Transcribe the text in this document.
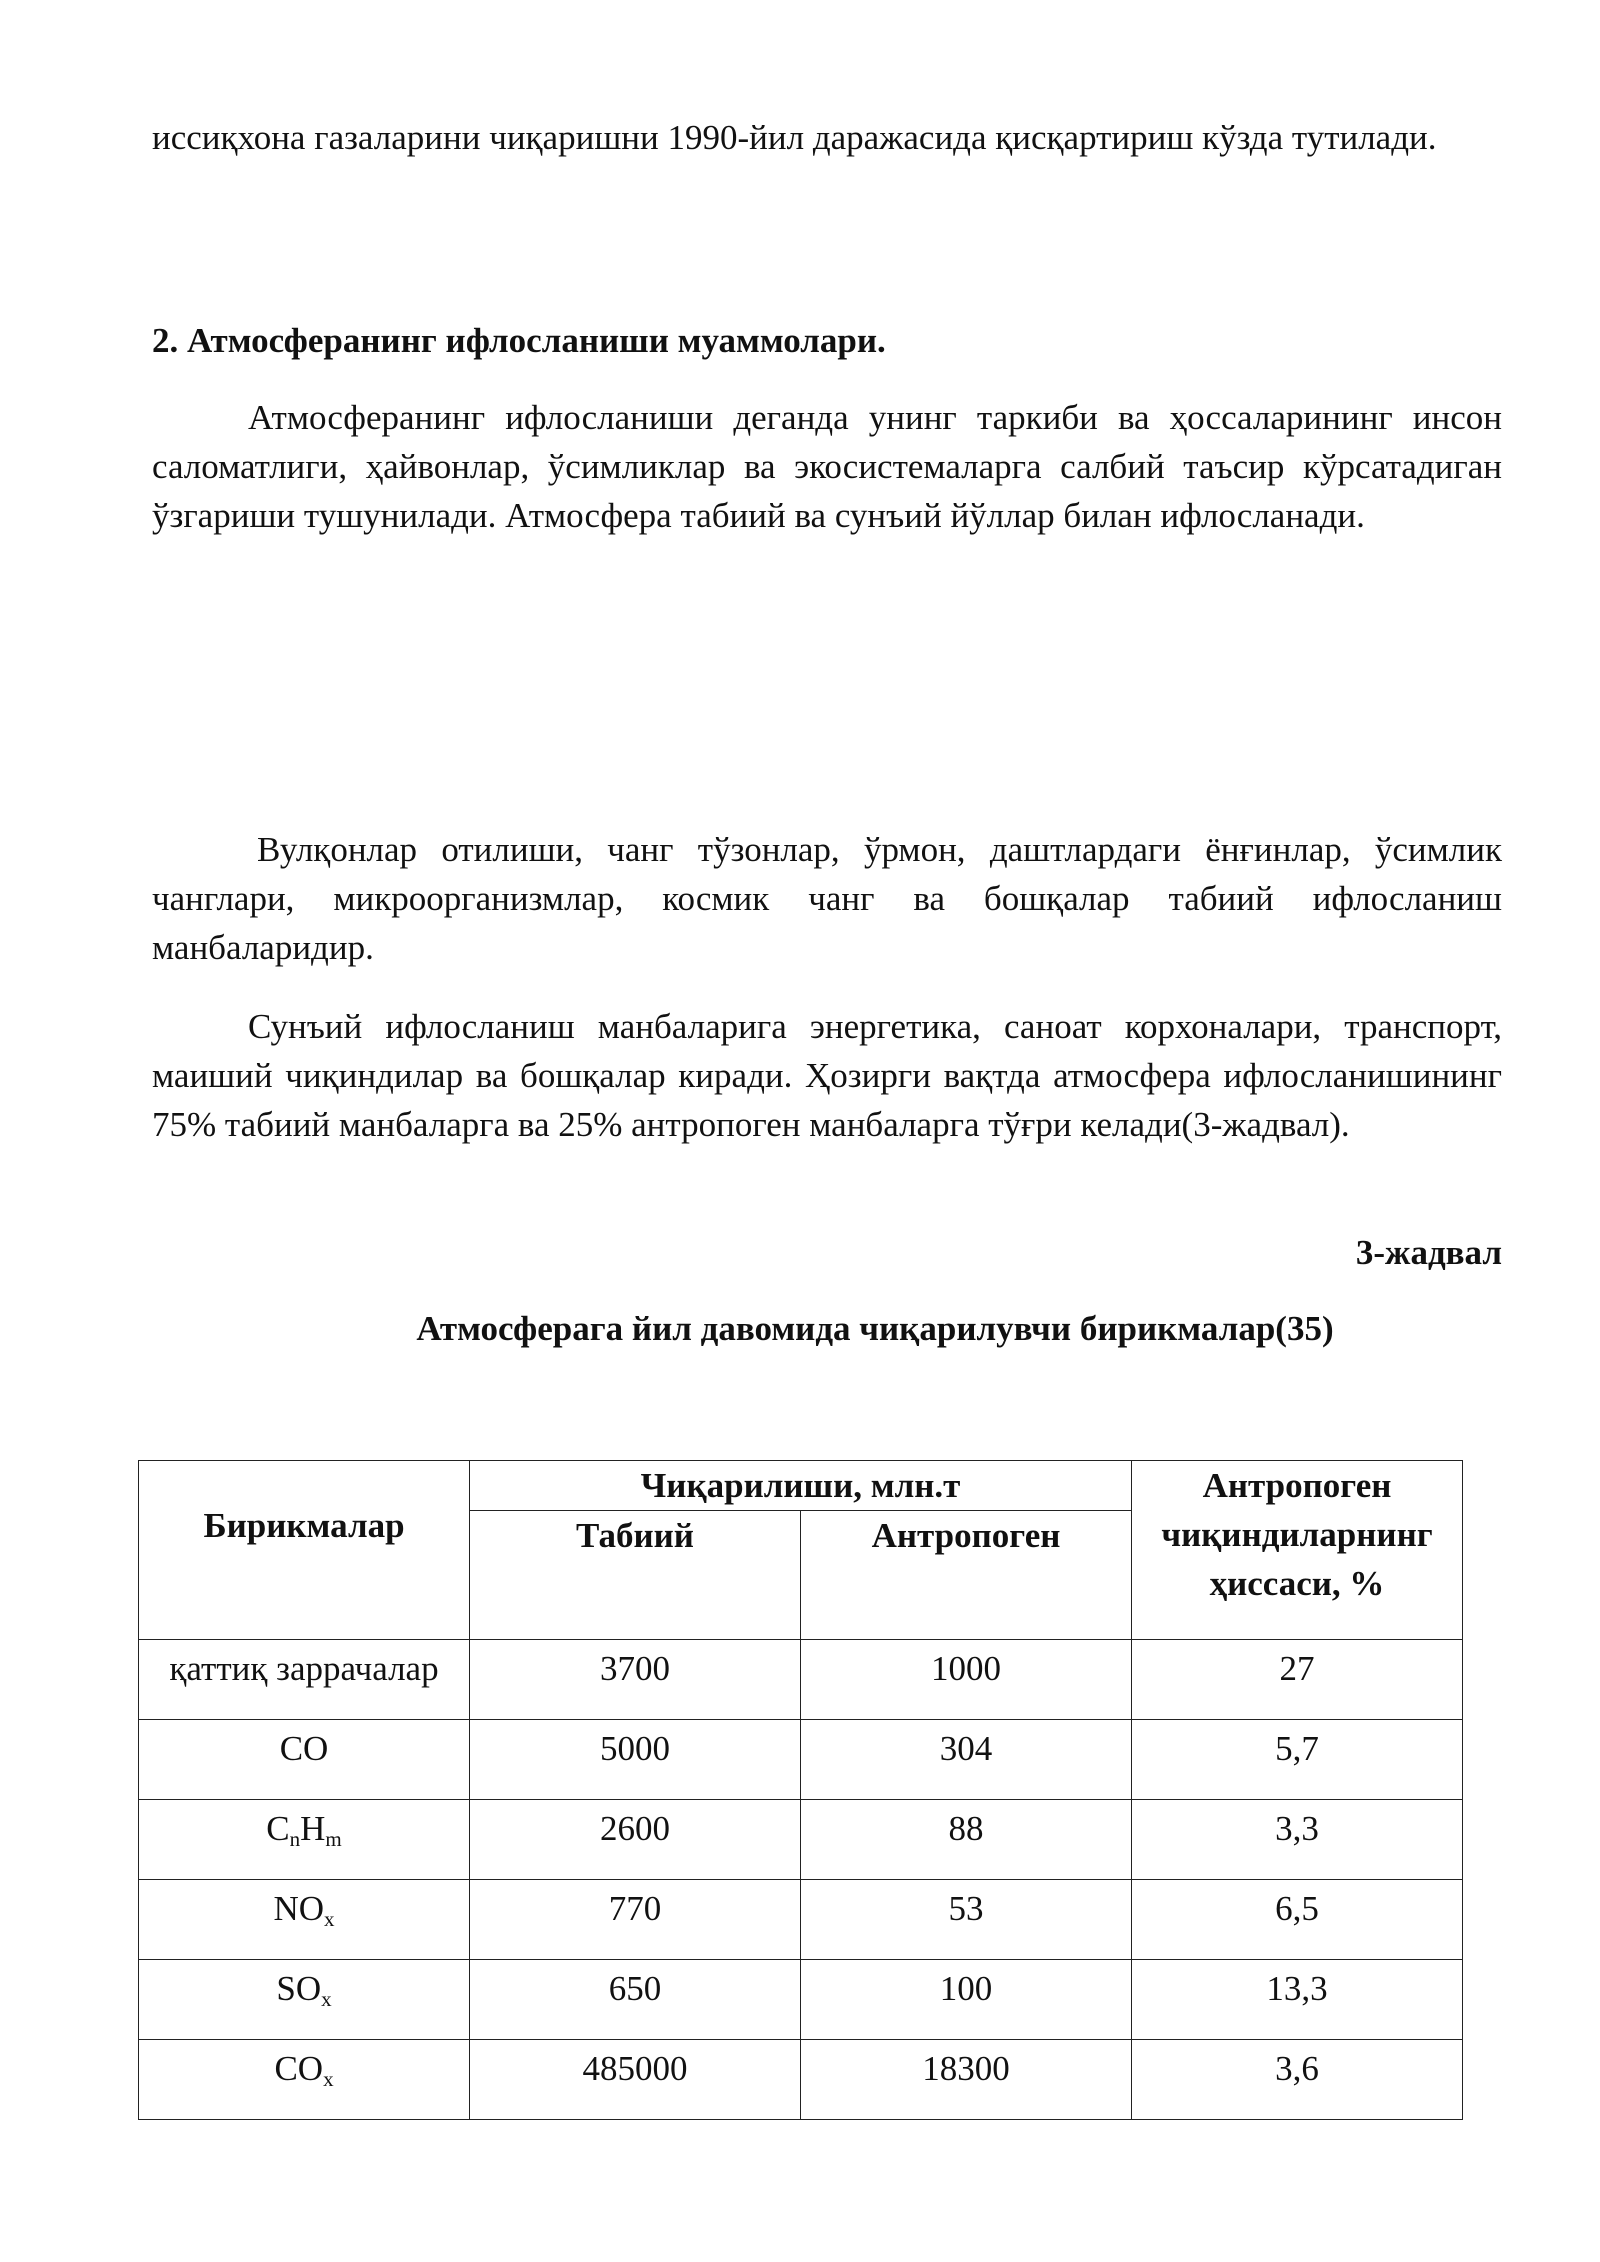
иссиқхона газаларини чиқаришни 1990-йил даражасида қисқартириш кўзда тутилади.

2. Атмосферанинг ифлосланиши муаммолари.

Атмосферанинг ифлосланиши деганда унинг таркиби ва ҳоссаларининг инсон саломатлиги, ҳайвонлар, ўсимликлар ва экосистемаларга салбий таъсир кўрсатадиган ўзгариши тушунилади. Атмосфера табиий ва сунъий йўллар билан ифлосланади.

Вулқонлар отилиши, чанг тўзонлар, ўрмон, даштлардаги ёнғинлар, ўсимлик чанглари, микроорганизмлар, космик чанг ва бошқалар табиий ифлосланиш манбаларидир.

Сунъий ифлосланиш манбаларига энергетика, саноат корхоналари, транспорт, маиший чиқиндилар ва бошқалар киради. Ҳозирги вақтда атмосфера ифлосланишининг 75% табиий манбаларга ва 25% антропоген манбаларга тўғри келади(3-жадвал).

3-жадвал
Атмосферага йил давомида чиқарилувчи бирикмалар(35)
Бирикмалар	Чиқарилиши, млн.т		Антропоген чиқиндиларнинг ҳиссаси, %
	Табиий	Антропоген	
қаттиқ заррачалар	3700	1000	27
CO	5000	304	5,7
$C_nH_m$	2600	88	3,3
$NO_x$	770	53	6,5
$SO_x$	650	100	13,3
$CO_x$	485000	18300	3,6
